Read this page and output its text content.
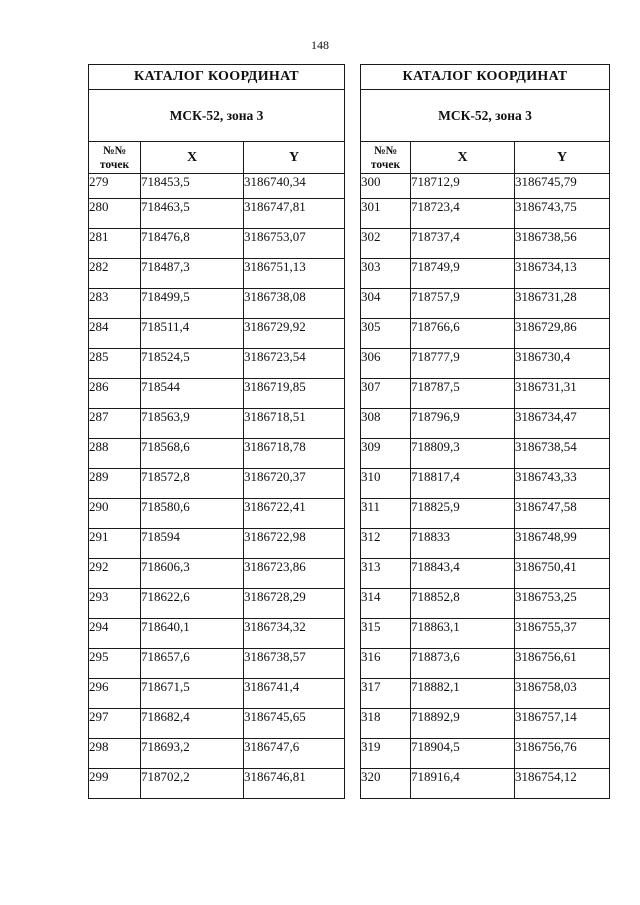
148
КАТАЛОГ КООРДИНАТ		
МСК-52, зона 3		
№№
точек	X	Y
279	718453,5	3186740,34
280	718463,5	3186747,81
281	718476,8	3186753,07
282	718487,3	3186751,13
283	718499,5	3186738,08
284	718511,4	3186729,92
285	718524,5	3186723,54
286	718544	3186719,85
287	718563,9	3186718,51
288	718568,6	3186718,78
289	718572,8	3186720,37
290	718580,6	3186722,41
291	718594	3186722,98
292	718606,3	3186723,86
293	718622,6	3186728,29
294	718640,1	3186734,32
295	718657,6	3186738,57
296	718671,5	3186741,4
297	718682,4	3186745,65
298	718693,2	3186747,6
299	718702,2	3186746,81
КАТАЛОГ КООРДИНАТ		
МСК-52, зона 3		
№№
точек	X	Y
300	718712,9	3186745,79
301	718723,4	3186743,75
302	718737,4	3186738,56
303	718749,9	3186734,13
304	718757,9	3186731,28
305	718766,6	3186729,86
306	718777,9	3186730,4
307	718787,5	3186731,31
308	718796,9	3186734,47
309	718809,3	3186738,54
310	718817,4	3186743,33
311	718825,9	3186747,58
312	718833	3186748,99
313	718843,4	3186750,41
314	718852,8	3186753,25
315	718863,1	3186755,37
316	718873,6	3186756,61
317	718882,1	3186758,03
318	718892,9	3186757,14
319	718904,5	3186756,76
320	718916,4	3186754,12
